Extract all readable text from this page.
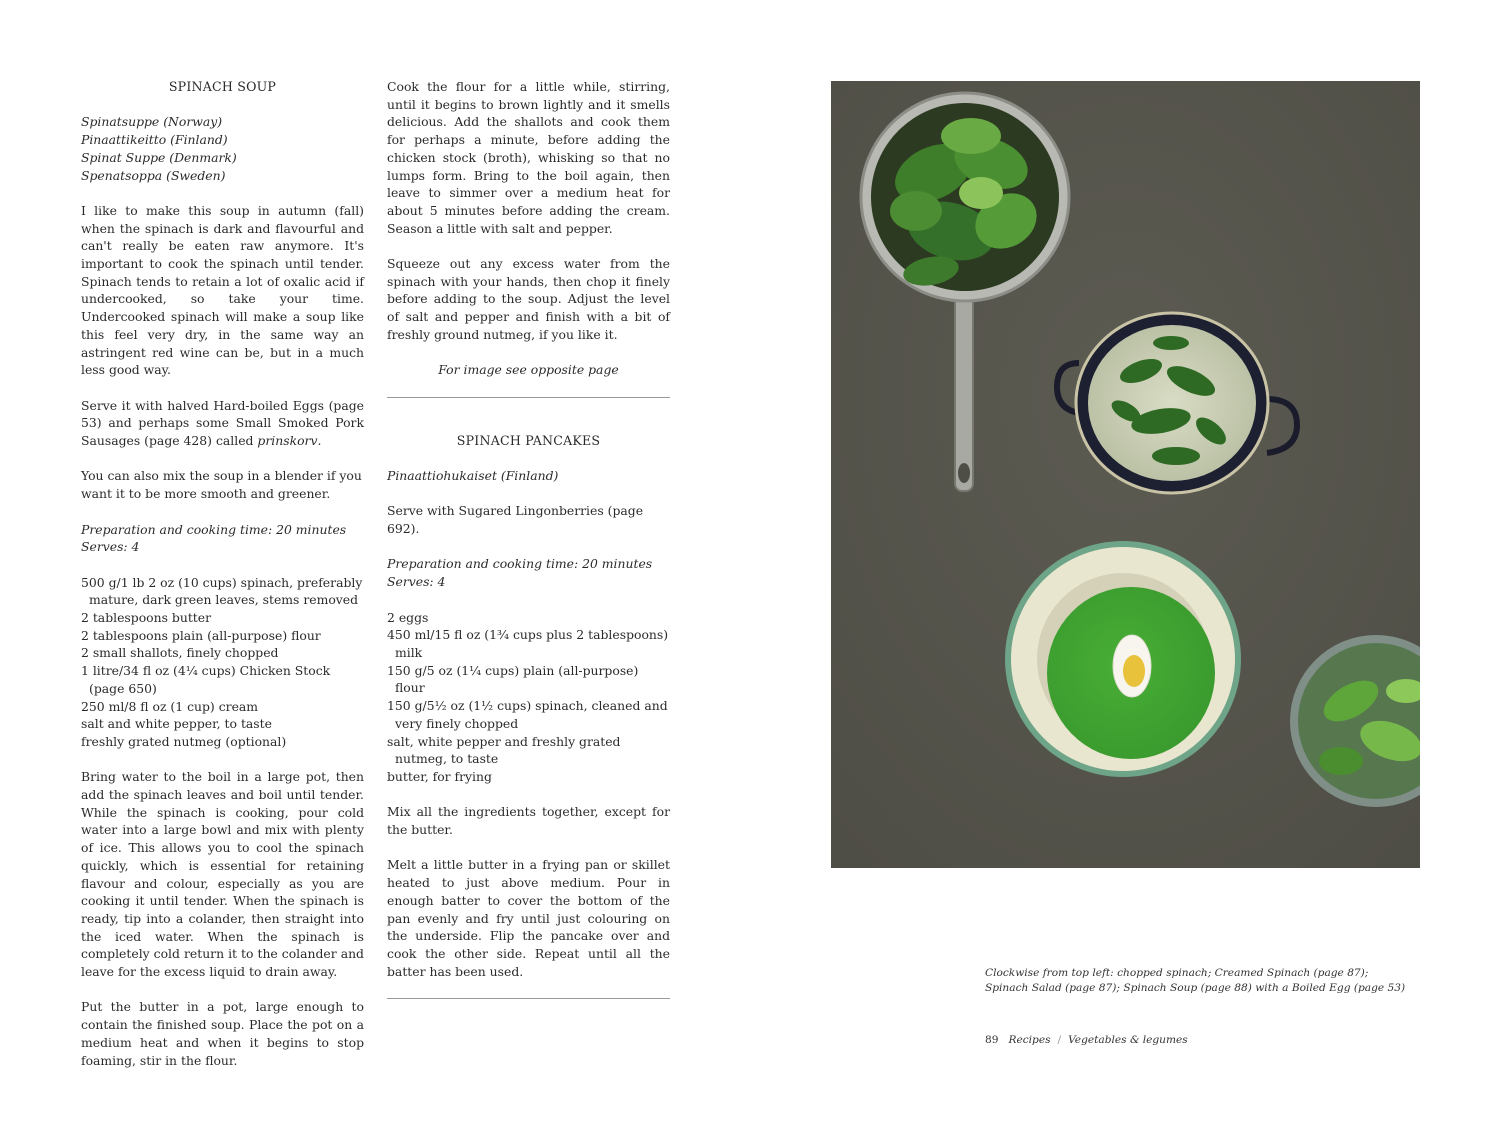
SPINACH SOUP
Spinatsuppe (Norway)
Pinaattikeitto (Finland)
Spinat Suppe (Denmark)
Spenatsoppa (Sweden)

I like to make this soup in autumn (fall) when the spinach is dark and flavourful and can't really be eaten raw anymore. It's important to cook the spinach until tender. Spinach tends to retain a lot of oxalic acid if undercooked, so take your time. Undercooked spinach will make a soup like this feel very dry, in the same way an astringent red wine can be, but in a much less good way.

Serve it with halved Hard-boiled Eggs (page 53) and perhaps some Small Smoked Pork Sausages (page 428) called prinskorv.

You can also mix the soup in a blender if you want it to be more smooth and greener.

Preparation and cooking time: 20 minutes
Serves: 4
500 g/1 lb 2 oz (10 cups) spinach, preferably mature, dark green leaves, stems removed
2 tablespoons butter
2 tablespoons plain (all-purpose) flour
2 small shallots, finely chopped
1 litre/34 fl oz (4¼ cups) Chicken Stock (page 650)
250 ml/8 fl oz (1 cup) cream
salt and white pepper, to taste
freshly grated nutmeg (optional)

Bring water to the boil in a large pot, then add the spinach leaves and boil until tender. While the spinach is cooking, pour cold water into a large bowl and mix with plenty of ice. This allows you to cool the spinach quickly, which is essential for retaining flavour and colour, especially as you are cooking it until tender. When the spinach is ready, tip into a colander, then straight into the iced water. When the spinach is completely cold return it to the colander and leave for the excess liquid to drain away.

Put the butter in a pot, large enough to contain the finished soup. Place the pot on a medium heat and when it begins to stop foaming, stir in the flour.

Cook the flour for a little while, stirring, until it begins to brown lightly and it smells delicious. Add the shallots and cook them for perhaps a minute, before adding the chicken stock (broth), whisking so that no lumps form. Bring to the boil again, then leave to simmer over a medium heat for about 5 minutes before adding the cream. Season a little with salt and pepper.

Squeeze out any excess water from the spinach with your hands, then chop it finely before adding to the soup. Adjust the level of salt and pepper and finish with a bit of freshly ground nutmeg, if you like it.

For image see opposite page

SPINACH PANCAKES
Pinaattiohukaiset (Finland)

Serve with Sugared Lingonberries (page 692).

Preparation and cooking time: 20 minutes
Serves: 4
2 eggs
450 ml/15 fl oz (1¾ cups plus 2 tablespoons) milk
150 g/5 oz (1¼ cups) plain (all-purpose) flour
150 g/5½ oz (1½ cups) spinach, cleaned and very finely chopped
salt, white pepper and freshly grated nutmeg, to taste
butter, for frying

Mix all the ingredients together, except for the butter.

Melt a little butter in a frying pan or skillet heated to just above medium. Pour in enough batter to cover the bottom of the pan evenly and fry until just colouring on the underside. Flip the pancake over and cook the other side. Repeat until all the batter has been used.	Clockwise from top left: chopped spinach; Creamed Spinach (page 87); Spinach Salad (page 87); Spinach Soup (page 88) with a Boiled Egg (page 53)
89 Recipes / Vegetables & legumes
